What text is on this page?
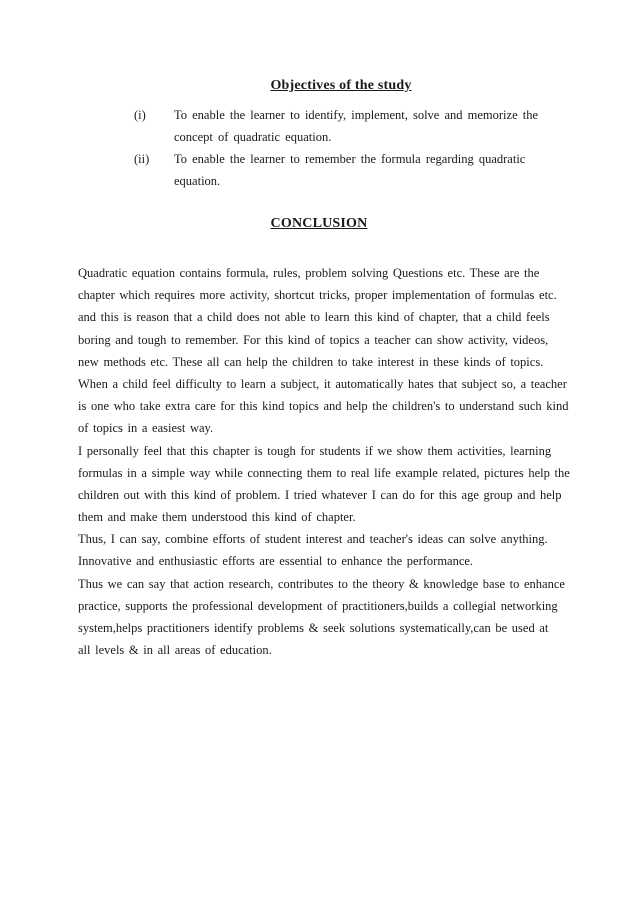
Objectives of the study
(i) To enable the learner to identify, implement, solve and memorize the
concept of quadratic equation.
(ii) To enable the learner to remember the formula regarding quadratic
equation.
CONCLUSION
Quadratic equation contains formula, rules, problem solving Questions etc. These are the
chapter which requires more activity, shortcut tricks, proper implementation of formulas etc.
and this is reason that a child does not able to learn this kind of chapter, that a child feels
boring and tough to remember. For this kind of topics a teacher can show activity, videos,
new methods etc. These all can help the children to take interest in these kinds of topics.
When a child feel difficulty to learn a subject, it automatically hates that subject so, a teacher
is one who take extra care for this kind topics and help the children's to understand such kind
of topics in a easiest way.
I personally feel that this chapter is tough for students if we show them activities, learning
formulas in a simple way while connecting them to real life example related, pictures help the
children out with this kind of problem. I tried whatever I can do for this age group and help
them and make them understood this kind of chapter.
Thus, I can say, combine efforts of student interest and teacher's ideas can solve anything.
Innovative and enthusiastic efforts are essential to enhance the performance.
Thus we can say that action research, contributes to the theory & knowledge base to enhance
practice, supports the professional development of practitioners,builds a collegial networking
system,helps practitioners identify problems & seek solutions systematically,can be used at
all levels & in all areas of education.
